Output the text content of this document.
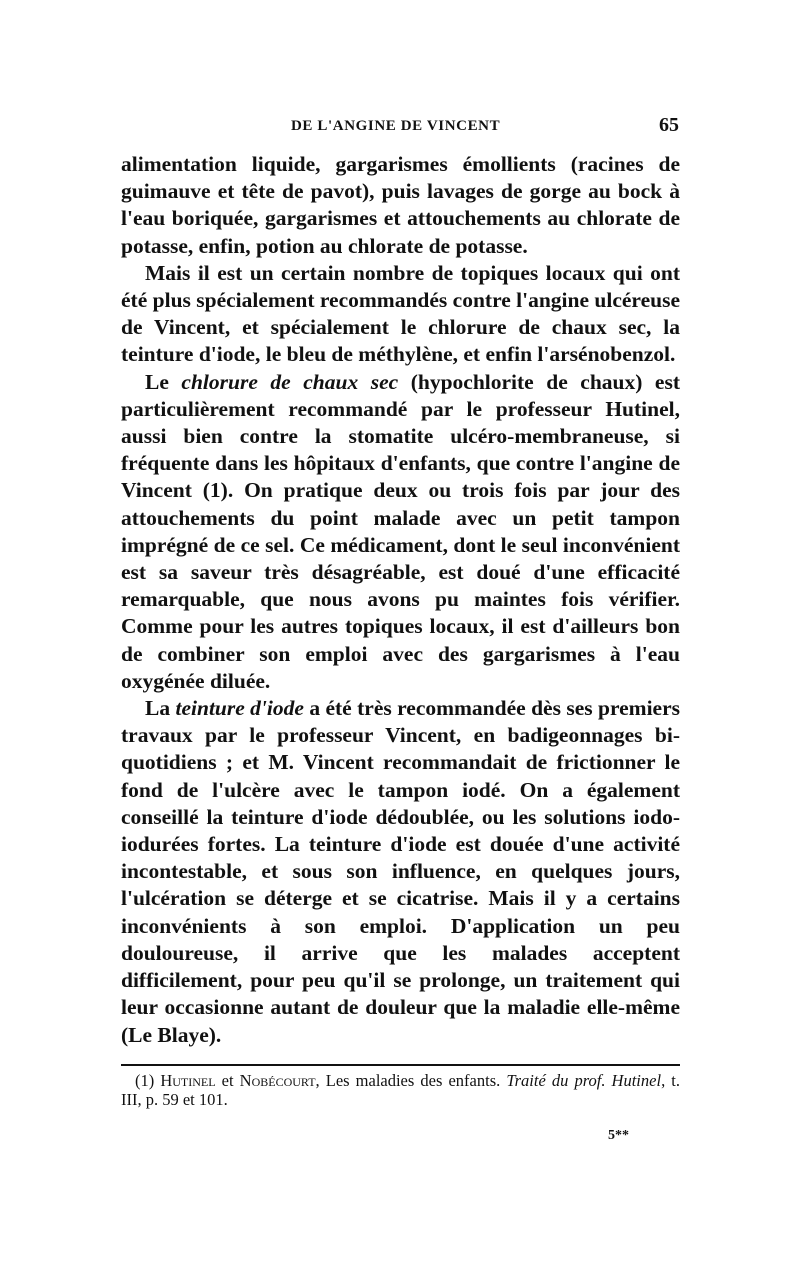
DE L'ANGINE DE VINCENT	65

alimentation liquide, gargarismes émollients (racines de guimauve et tête de pavot), puis lavages de gorge au bock à l'eau boriquée, gargarismes et attouchements au chlorate de potasse, enfin, potion au chlorate de potasse.

Mais il est un certain nombre de topiques locaux qui ont été plus spécialement recommandés contre l'angine ulcéreuse de Vincent, et spécialement le chlorure de chaux sec, la teinture d'iode, le bleu de méthylène, et enfin l'arsénobenzol.

Le chlorure de chaux sec (hypochlorite de chaux) est particulièrement recommandé par le professeur Hutinel, aussi bien contre la stomatite ulcéro-membraneuse, si fréquente dans les hôpitaux d'enfants, que contre l'angine de Vincent (1). On pratique deux ou trois fois par jour des attouchements du point malade avec un petit tampon imprégné de ce sel. Ce médicament, dont le seul inconvénient est sa saveur très désagréable, est doué d'une efficacité remarquable, que nous avons pu maintes fois vérifier. Comme pour les autres topiques locaux, il est d'ailleurs bon de combiner son emploi avec des gargarismes à l'eau oxygénée diluée.

La teinture d'iode a été très recommandée dès ses premiers travaux par le professeur Vincent, en badigeonnages bi-quotidiens ; et M. Vincent recommandait de frictionner le fond de l'ulcère avec le tampon iodé. On a également conseillé la teinture d'iode dédoublée, ou les solutions iodo-iodurées fortes. La teinture d'iode est douée d'une activité incontestable, et sous son influence, en quelques jours, l'ulcération se déterge et se cicatrise. Mais il y a certains inconvénients à son emploi. D'application un peu douloureuse, il arrive que les malades acceptent difficilement, pour peu qu'il se prolonge, un traitement qui leur occasionne autant de douleur que la maladie elle-même (Le Blaye).

(1) Hutinel et Nobécourt, Les maladies des enfants. Traité du prof. Hutinel, t. III, p. 59 et 101.

5**
